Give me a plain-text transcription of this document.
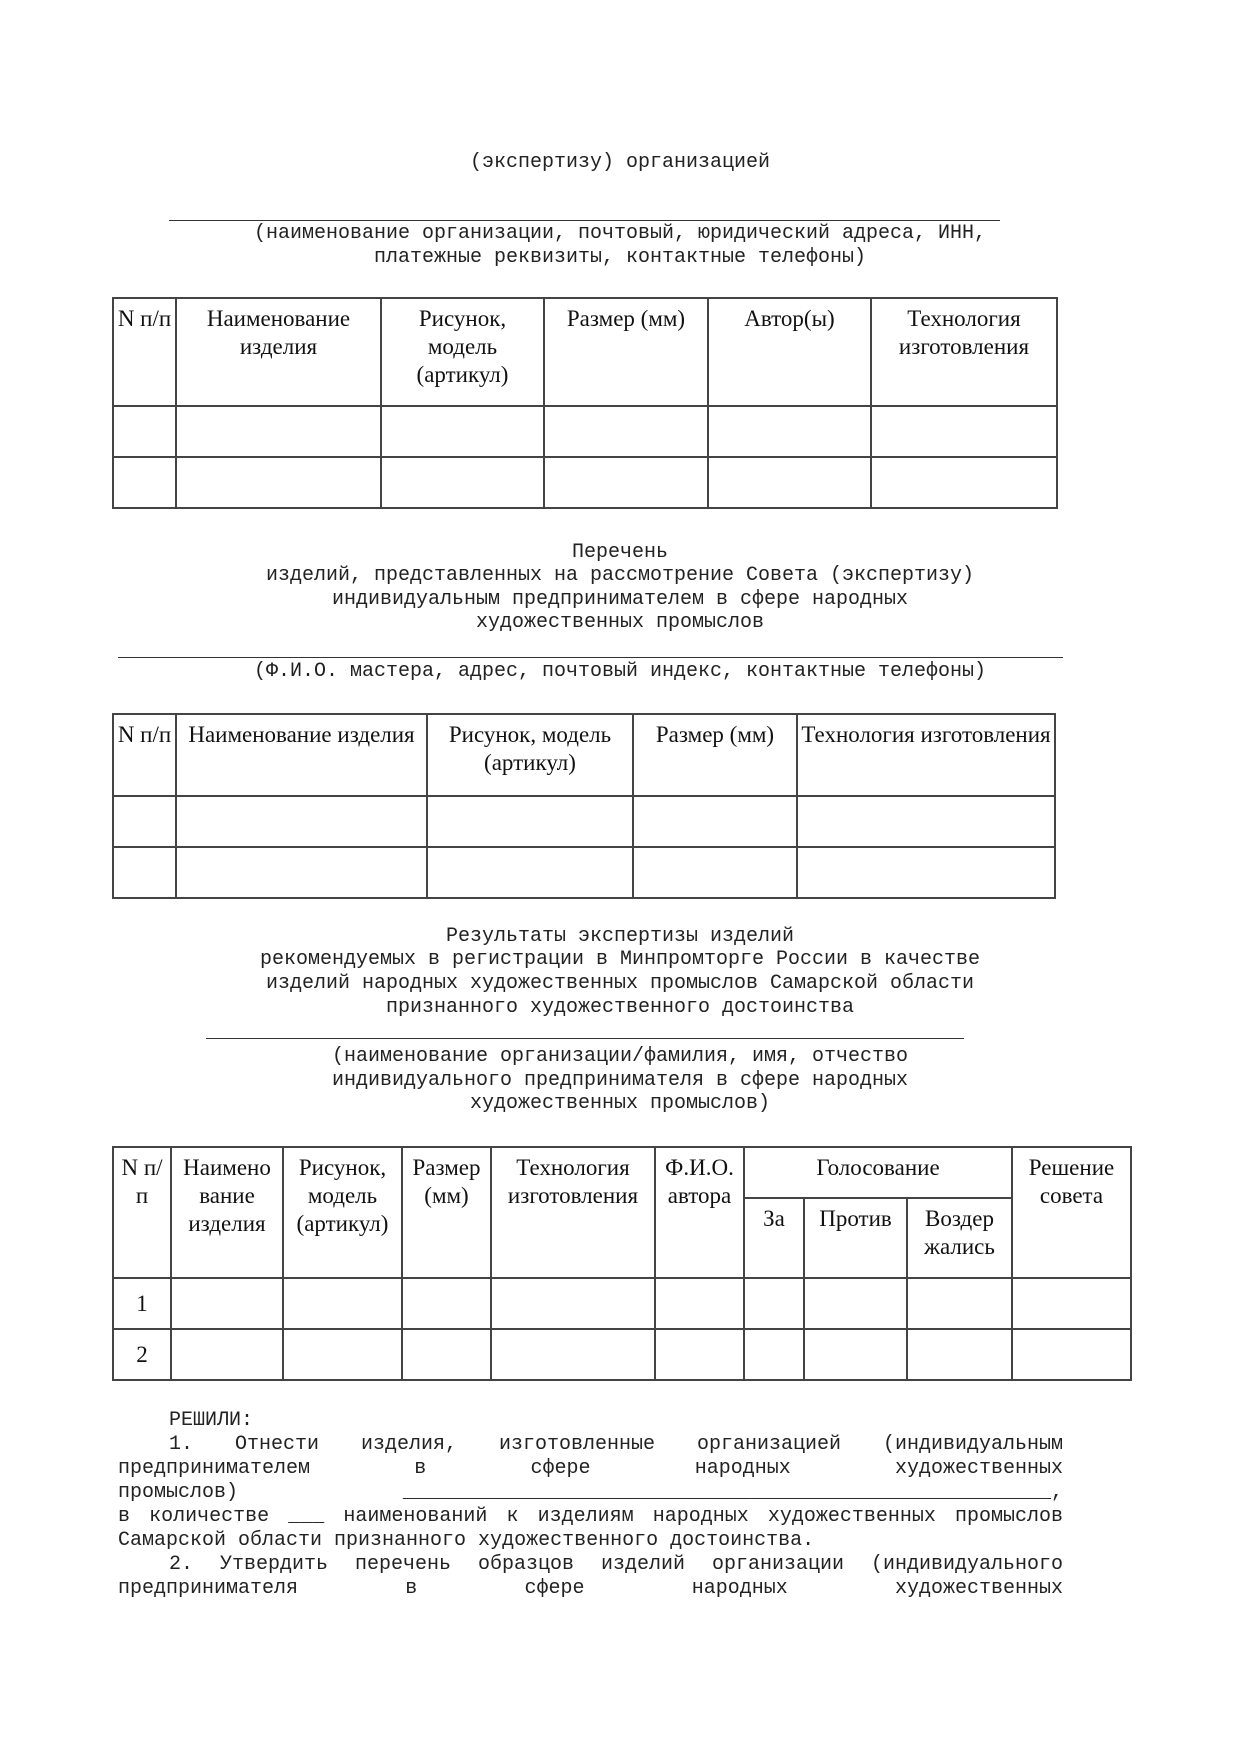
(экспертизу) организацией
(наименование организации, почтовый, юридический адреса, ИНН,
платежные реквизиты, контактные телефоны)
Перечень
изделий, представленных на рассмотрение Совета (экспертизу)
индивидуальным предпринимателем в сфере народных
художественных промыслов
(Ф.И.О. мастера, адрес, почтовый индекс, контактные телефоны)
Результаты экспертизы изделий
рекомендуемых в регистрации в Минпромторге России в качестве
изделий народных художественных промыслов Самарской области
признанного художественного достоинства
(наименование организации/фамилия, имя, отчество
индивидуального предпринимателя в сфере народных
художественных промыслов)
РЕШИЛИ:
1. Отнести изделия, изготовленные организацией (индивидуальным
предпринимателем в сфере народных художественных
промыслов) ______________________________________________________,
в количестве ___ наименований к изделиям народных художественных промыслов
Самарской области признанного художественного достоинства.
2. Утвердить перечень образцов изделий организации (индивидуального
предпринимателя в сфере народных художественных
N п/п	Наименование изделия	Рисунок, модель (артикул)	Размер (мм)	Автор(ы)	Технология изготовления

N п/п	Наименование изделия	Рисунок, модель (артикул)	Размер (мм)	Технология изготовления

N п/п	Наимено вание изделия	Рисунок, модель (артикул)	Размер (мм)	Технология изготовления	Ф.И.О. автора	Голосование			Решение совета
						За	Против	Воздер жались	
1									
2									
